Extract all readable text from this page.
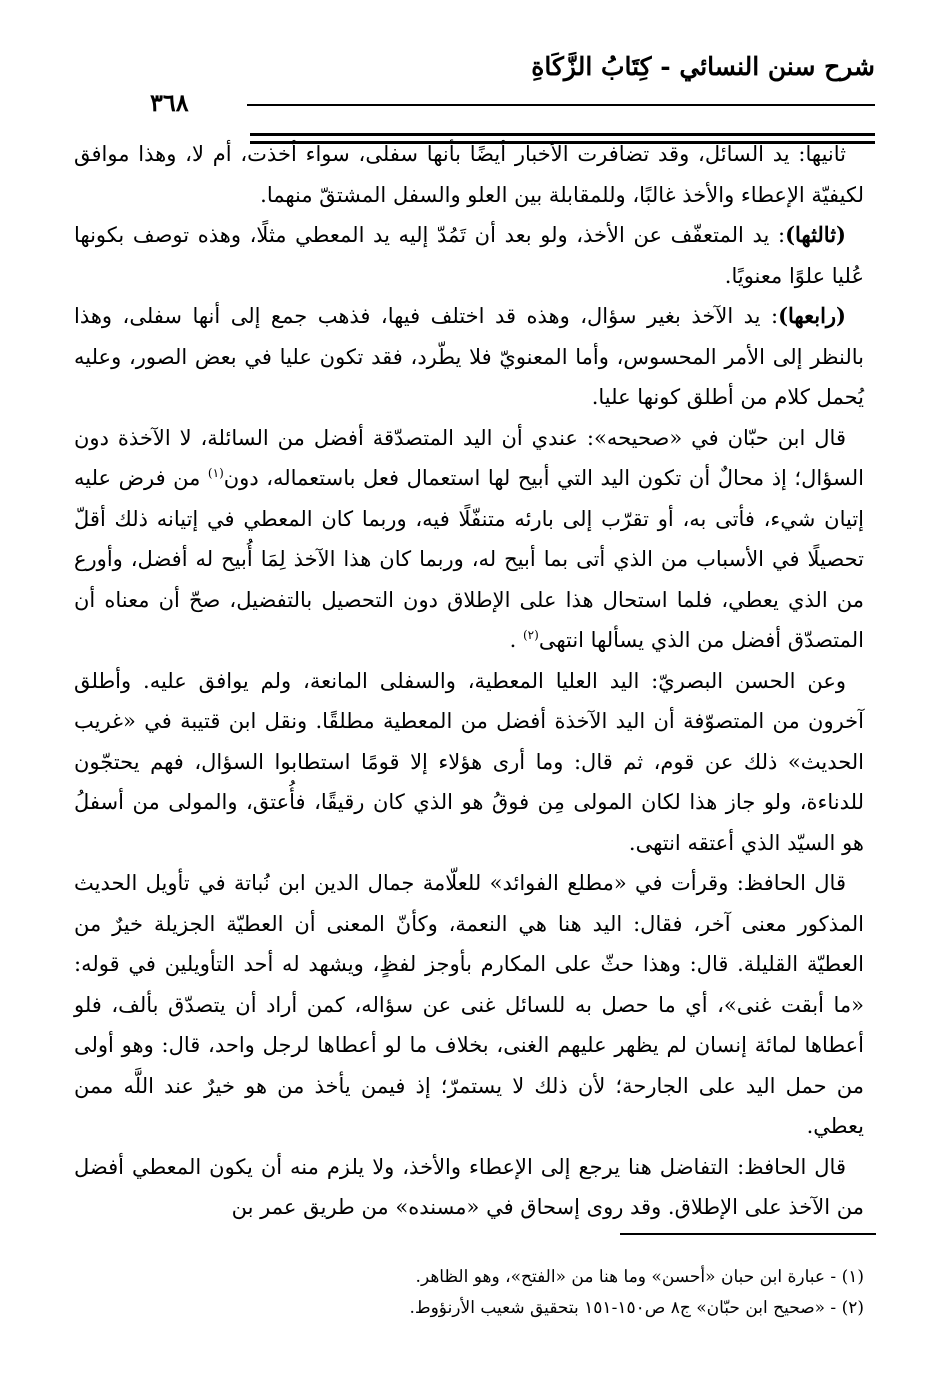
شرح سنن النسائي - كِتَابُ الزَّكَاةِ
٣٦٨

ثانيها: يد السائل، وقد تضافرت الأخبار أيضًا بأنها سفلى، سواء أخذت، أم لا، وهذا موافق لكيفيّة الإعطاء والأخذ غالبًا، وللمقابلة بين العلو والسفل المشتقّ منهما.

(ثالثها): يد المتعفّف عن الأخذ، ولو بعد أن تَمُدّ إليه يد المعطي مثلًا، وهذه توصف بكونها عُليا علوًا معنويًا.

(رابعها): يد الآخذ بغير سؤال، وهذه قد اختلف فيها، فذهب جمع إلى أنها سفلى، وهذا بالنظر إلى الأمر المحسوس، وأما المعنويّ فلا يطّرد، فقد تكون عليا في بعض الصور، وعليه يُحمل كلام من أطلق كونها عليا.

قال ابن حبّان في «صحيحه»: عندي أن اليد المتصدّقة أفضل من السائلة، لا الآخذة دون السؤال؛ إذ محالٌ أن تكون اليد التي أبيح لها استعمال فعل باستعماله، دون$^{(١)}$ من فرض عليه إتيان شيء، فأتى به، أو تقرّب إلى بارئه متنفّلًا فيه، وربما كان المعطي في إتيانه ذلك أقلّ تحصيلًا في الأسباب من الذي أتى بما أبيح له، وربما كان هذا الآخذ لِمَا أُبيح له أفضل، وأورع من الذي يعطي، فلما استحال هذا على الإطلاق دون التحصيل بالتفضيل، صحّ أن معناه أن المتصدّق أفضل من الذي يسألها انتهى$^{(٢)}$ .

وعن الحسن البصريّ: اليد العليا المعطية، والسفلى المانعة، ولم يوافق عليه. وأطلق آخرون من المتصوّفة أن اليد الآخذة أفضل من المعطية مطلقًا. ونقل ابن قتيبة في «غريب الحديث» ذلك عن قوم، ثم قال: وما أرى هؤلاء إلا قومًا استطابوا السؤال، فهم يحتجّون للدناءة، ولو جاز هذا لكان المولى مِن فوقُ هو الذي كان رقيقًا، فأُعتق، والمولى من أسفلُ هو السيّد الذي أعتقه انتهى.

قال الحافظ: وقرأت في «مطلع الفوائد» للعلّامة جمال الدين ابن نُباتة في تأويل الحديث المذكور معنى آخر، فقال: اليد هنا هي النعمة، وكأنّ المعنى أن العطيّة الجزيلة خيرٌ من العطيّة القليلة. قال: وهذا حثّ على المكارم بأوجز لفظٍ، ويشهد له أحد التأويلين في قوله: «ما أبقت غنى»، أي ما حصل به للسائل غنى عن سؤاله، كمن أراد أن يتصدّق بألف، فلو أعطاها لمائة إنسان لم يظهر عليهم الغنى، بخلاف ما لو أعطاها لرجل واحد، قال: وهو أولى من حمل اليد على الجارحة؛ لأن ذلك لا يستمرّ؛ إذ فيمن يأخذ من هو خيرٌ عند اللَّه ممن يعطي.

قال الحافظ: التفاضل هنا يرجع إلى الإعطاء والأخذ، ولا يلزم منه أن يكون المعطي أفضل من الآخذ على الإطلاق. وقد روى إسحاق في «مسنده» من طريق عمر بن

(١) - عبارة ابن حبان «أحسن» وما هنا من «الفتح»، وهو الظاهر.

(٢) - «صحيح ابن حبّان» ج٨ ص١٥٠-١٥١ بتحقيق شعيب الأرنؤوط.
